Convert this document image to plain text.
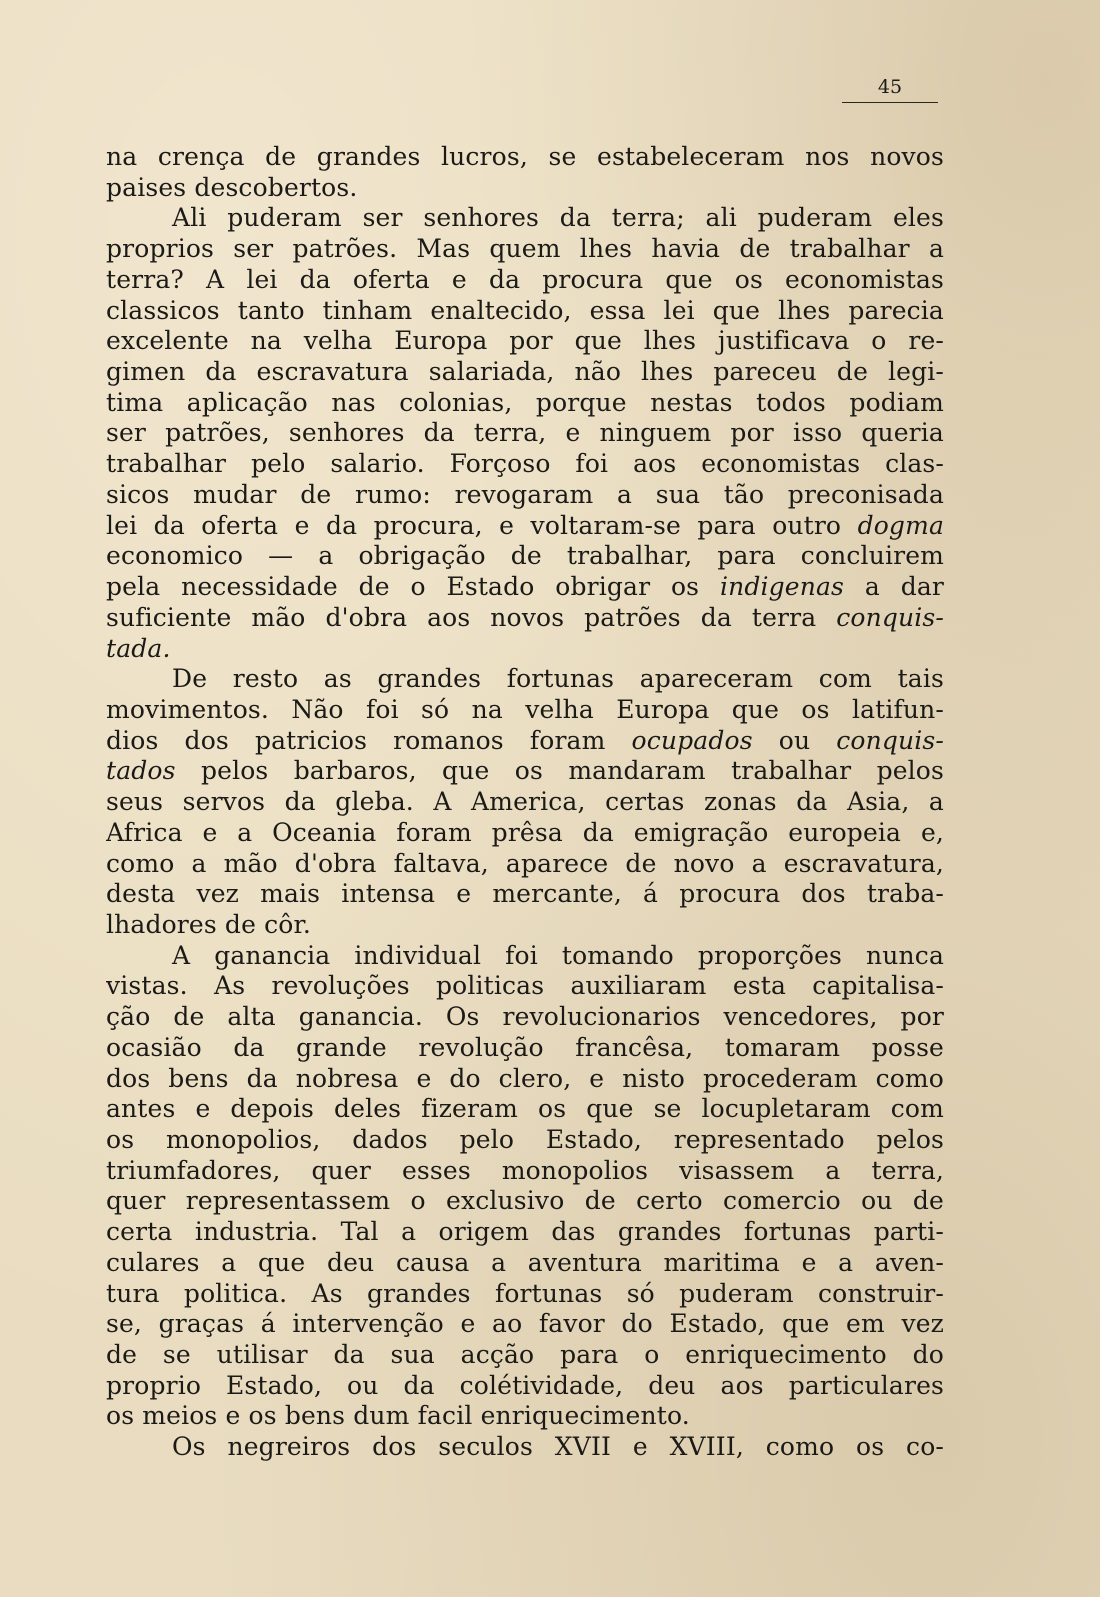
45
na crença de grandes lucros, se estabeleceram nos novos
paises descobertos.
Ali puderam ser senhores da terra; ali puderam eles
proprios ser patrões. Mas quem lhes havia de trabalhar a
terra? A lei da oferta e da procura que os economistas
classicos tanto tinham enaltecido, essa lei que lhes parecia
excelente na velha Europa por que lhes justificava o re-
gimen da escravatura salariada, não lhes pareceu de legi-
tima aplicação nas colonias, porque nestas todos podiam
ser patrões, senhores da terra, e ninguem por isso queria
trabalhar pelo salario. Forçoso foi aos economistas clas-
sicos mudar de rumo: revogaram a sua tão preconisada
lei da oferta e da procura, e voltaram-se para outro dogma
economico — a obrigação de trabalhar, para concluirem
pela necessidade de o Estado obrigar os indigenas a dar
suficiente mão d'obra aos novos patrões da terra conquis-
tada.
De resto as grandes fortunas apareceram com tais
movimentos. Não foi só na velha Europa que os latifun-
dios dos patricios romanos foram ocupados ou conquis-
tados pelos barbaros, que os mandaram trabalhar pelos
seus servos da gleba. A America, certas zonas da Asia, a
Africa e a Oceania foram prêsa da emigração europeia e,
como a mão d'obra faltava, aparece de novo a escravatura,
desta vez mais intensa e mercante, á procura dos traba-
lhadores de côr.
A ganancia individual foi tomando proporções nunca
vistas. As revoluções politicas auxiliaram esta capitalisa-
ção de alta ganancia. Os revolucionarios vencedores, por
ocasião da grande revolução francêsa, tomaram posse
dos bens da nobresa e do clero, e nisto procederam como
antes e depois deles fizeram os que se locupletaram com
os monopolios, dados pelo Estado, representado pelos
triumfadores, quer esses monopolios visassem a terra,
quer representassem o exclusivo de certo comercio ou de
certa industria. Tal a origem das grandes fortunas parti-
culares a que deu causa a aventura maritima e a aven-
tura politica. As grandes fortunas só puderam construir-
se, graças á intervenção e ao favor do Estado, que em vez
de se utilisar da sua acção para o enriquecimento do
proprio Estado, ou da colétividade, deu aos particulares
os meios e os bens dum facil enriquecimento.
Os negreiros dos seculos XVII e XVIII, como os co-
